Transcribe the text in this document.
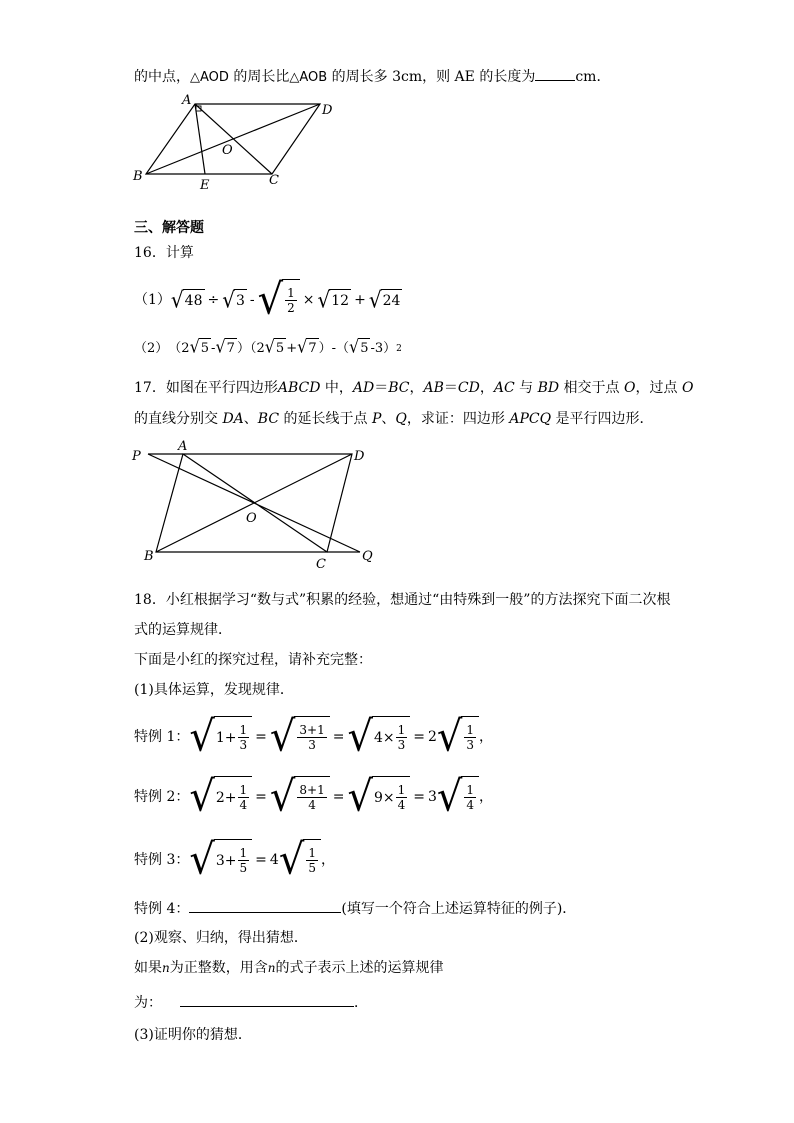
的中点，△AOD 的周长比△AOB 的周长多 3cm，则 AE 的长度为	cm．
A
D
B
E	C
O
三、解答题
16．计算
（1） √ 48 ÷ √ 3 - √ $\frac{1}{2}$ × √ 12 + √ 24
（2） （2 √ 5 - √ 7 ）（2 √ 5 + √ 7 ）-（ √ 5 -3） 2
17．如图在平行四边形ABCD 中，AD＝BC，AB＝CD，AC 与 BD 相交于点 O，过点 O
的直线分别交 DA、BC 的延长线于点 P、Q，求证：四边形 APCQ 是平行四边形．
P
A
D
O
B
C
Q
18．小红根据学习“数与式”积累的经验，想通过“由特殊到一般”的方法探究下面二次根
式的运算规律．
下面是小红的探究过程，请补充完整：
(1)具体运算，发现规律．
特例 1： √ $1 + \frac{1}{3}$ = √ $\frac{3+1}{3}$ = √ $4 \times \frac{1}{3} = 2$ √ $\frac{1}{3}$ ，
特例 2： √ $2 + \frac{1}{4}$ = √ $\frac{8+1}{4}$ = √ $9 \times \frac{1}{4} = 3$ √ $\frac{1}{4}$ ，
特例 3： √ $3 + \frac{1}{5} = 4$ √ $\frac{1}{5}$ ，
特例 4：	(填写一个符合上述运算特征的例子)．
(2)观察、归纳，得出猜想．
如果n为正整数，用含n的式子表示上述的运算规律
为：	．
(3)证明你的猜想．
